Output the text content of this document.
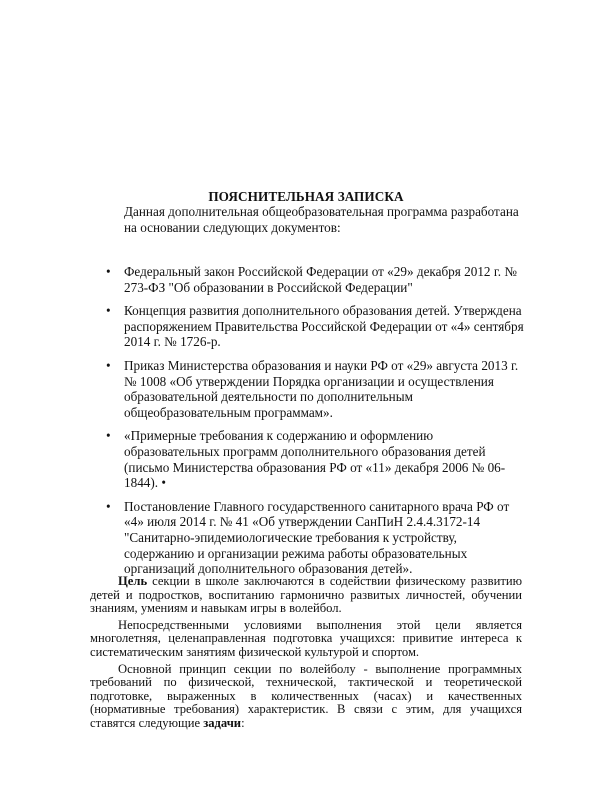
ПОЯСНИТЕЛЬНАЯ ЗАПИСКА
Данная дополнительная общеобразовательная программа разработана на основании следующих документов:
• Федеральный закон Российской Федерации от «29» декабря 2012 г. № 273-ФЗ "Об образовании в Российской Федерации"
• Концепция развития дополнительного образования детей. Утверждена распоряжением Правительства Российской Федерации от «4» сентября 2014 г. № 1726-р.
• Приказ Министерства образования и науки РФ от «29» августа 2013 г. № 1008 «Об утверждении Порядка организации и осуществления образовательной деятельности по дополнительным общеобразовательным программам».
• «Примерные требования к содержанию и оформлению образовательных программ дополнительного образования детей (письмо Министерства образования РФ от «11» декабря 2006 № 06-1844). •
• Постановление Главного государственного санитарного врача РФ от «4» июля 2014 г. № 41 «Об утверждении СанПиН 2.4.4.3172-14 "Санитарно-эпидемиологические требования к устройству, содержанию и организации режима работы образовательных организаций дополнительного образования детей».

Цель секции в школе заключаются в содействии физическому развитию детей и подростков, воспитанию гармонично развитых личностей, обучении знаниям, умениям и навыкам игры в волейбол.

Непосредственными условиями выполнения этой цели является многолетняя, целенаправленная подготовка учащихся: привитие интереса к систематическим занятиям физической культурой и спортом.

Основной принцип секции по волейболу - выполнение программных требований по физической, технической, тактической и теоретической подготовке, выраженных в количественных (часах) и качественных (нормативные требования) характеристик. В связи с этим, для учащихся ставятся следующие задачи:
